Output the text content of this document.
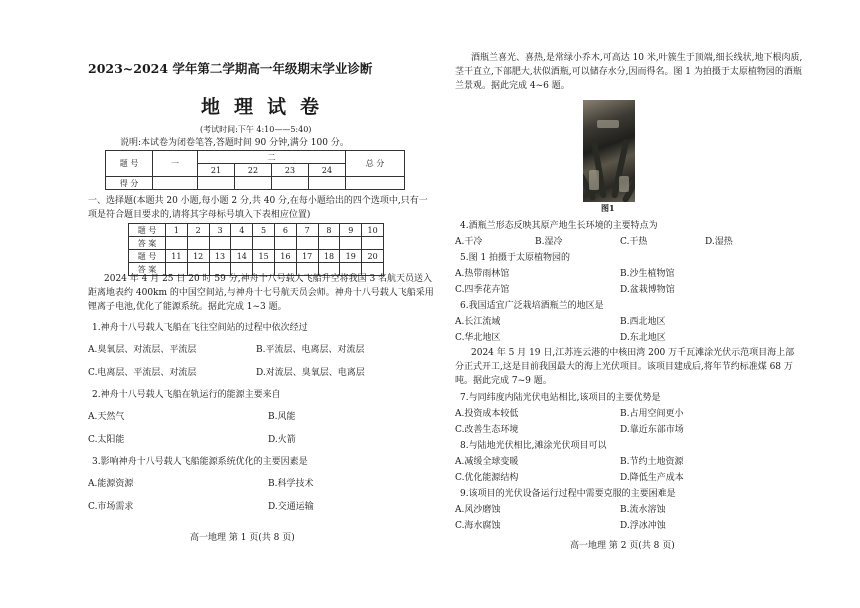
2023~2024 学年第二学期高一年级期末学业诊断
地理试卷
(考试时间:下午 4:10——5:40)
说明:本试卷为闭卷笔答,答题时间 90 分钟,满分 100 分。
题 号	一	二				总 分
		21	22	23	24	
得 分						
一、选择题(本题共 20 小题,每小题 2 分,共 40 分,在每小题给出的四个选项中,只有一项是符合题目要求的,请将其字母标号填入下表相应位置)
题 号	1	2	3	4	5	6	7	8	9	10
答 案										
题 号	11	12	13	14	15	16	17	18	19	20
答 案										
2024 年 4 月 25 日 20 时 59 分,神舟十八号载人飞船升空将我国 3 名航天员送入距离地表约 400km 的中国空间站,与神舟十七号航天员会师。神舟十八号载人飞船采用锂离子电池,优化了能源系统。据此完成 1~3 题。
1.神舟十八号载人飞船在飞往空间站的过程中依次经过
A.臭氧层、对流层、平流层	B.平流层、电离层、对流层
C.电离层、平流层、对流层	D.对流层、臭氧层、电离层
2.神舟十八号载人飞船在轨运行的能源主要来自
A.天然气	B.风能
C.太阳能	D.火箭
3.影响神舟十八号载人飞船能源系统优化的主要因素是
A.能源资源	B.科学技术
C.市场需求	D.交通运输
高一地理 第 1 页(共 8 页)
酒瓶兰喜光、喜热,是常绿小乔木,可高达 10 米,叶簇生于顶端,细长线状,地下根肉质,茎干直立,下部肥大,状似酒瓶,可以储存水分,因而得名。图 1 为拍摄于太原植物园的酒瓶兰景观。据此完成 4~6 题。
图1
4.酒瓶兰形态反映其原产地生长环境的主要特点为
A.干冷	B.湿冷	C.干热	D.湿热
5.图 1 拍摄于太原植物园的
A.热带雨林馆	B.沙生植物馆
C.四季花卉馆	D.盆栽博物馆
6.我国适宜广泛栽培酒瓶兰的地区是
A.长江流域	B.西北地区
C.华北地区	D.东北地区
2024 年 5 月 19 日,江苏连云港的中核田湾 200 万千瓦滩涂光伏示范项目海上部分正式开工,这是目前我国最大的海上光伏项目。该项目建成后,将年节约标准煤 68 万吨。据此完成 7~9 题。
7.与同纬度内陆光伏电站相比,该项目的主要优势是
A.投资成本较低	B.占用空间更小
C.改善生态环境	D.靠近东部市场
8.与陆地光伏相比,滩涂光伏项目可以
A.减缓全球变暖	B.节约土地资源
C.优化能源结构	D.降低生产成本
9.该项目的光伏设备运行过程中需要克服的主要困难是
A.风沙磨蚀	B.流水溶蚀
C.海水腐蚀	D.浮冰冲蚀
高一地理 第 2 页(共 8 页)
